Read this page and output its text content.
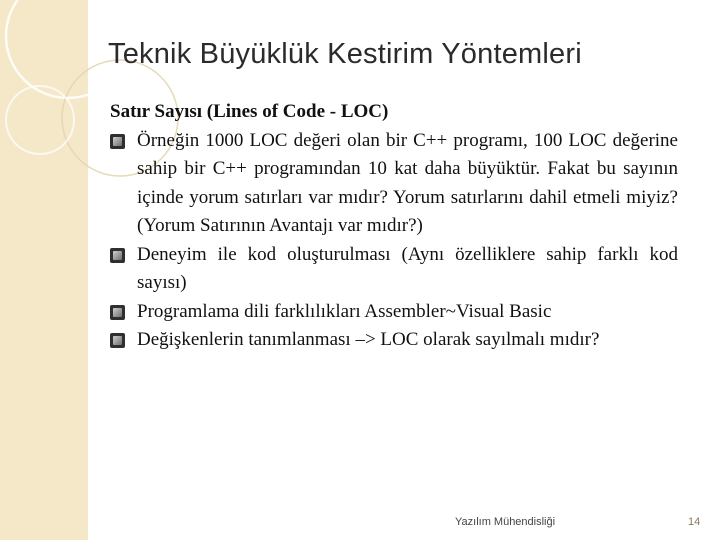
Teknik Büyüklük Kestirim Yöntemleri
Satır Sayısı (Lines of Code - LOC)
Örneğin 1000 LOC değeri olan bir C++ programı, 100 LOC değerine sahip bir C++ programından 10 kat daha büyüktür. Fakat bu sayının içinde yorum satırları var mıdır? Yorum satırlarını dahil etmeli miyiz? (Yorum Satırının Avantajı var mıdır?)
Deneyim ile kod oluşturulması (Aynı özelliklere sahip farklı kod sayısı)
Programlama dili farklılıkları Assembler~Visual Basic
Değişkenlerin tanımlanması –> LOC olarak sayılmalı mıdır?
Yazılım Mühendisliği	14
